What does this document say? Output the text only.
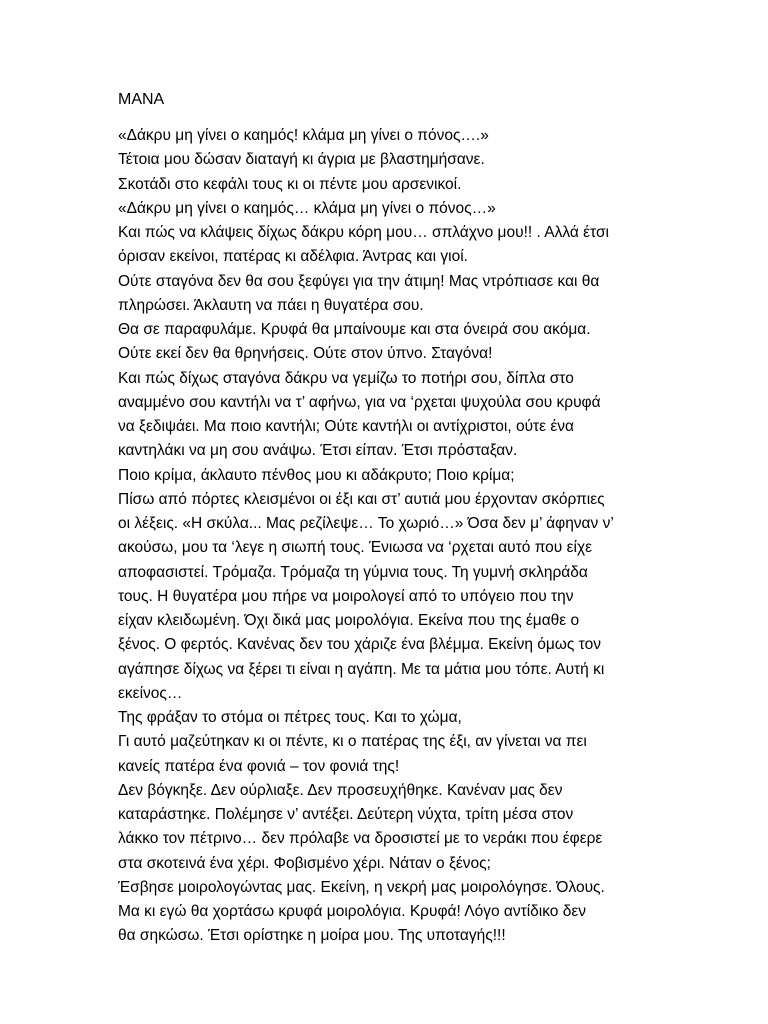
ΜΑΝΑ
«Δάκρυ μη γίνει ο καημός! κλάμα μη γίνει ο πόνος….»
Τέτοια μου δώσαν διαταγή κι άγρια με βλαστημήσανε.
Σκοτάδι στο κεφάλι τους κι οι πέντε μου αρσενικοί.
«Δάκρυ μη γίνει ο καημός… κλάμα μη γίνει ο πόνος…»
Και πώς να κλάψεις δίχως δάκρυ κόρη μου… σπλάχνο μου!! . Αλλά έτσι
όρισαν εκείνοι, πατέρας κι αδέλφια. Άντρας και γιοί.
Ούτε σταγόνα δεν θα σου ξεφύγει για την άτιμη! Μας ντρόπιασε και θα
πληρώσει. Άκλαυτη να πάει η θυγατέρα σου.
Θα σε παραφυλάμε. Κρυφά θα μπαίνουμε και στα όνειρά σου ακόμα.
Ούτε εκεί δεν θα θρηνήσεις. Ούτε στον ύπνο. Σταγόνα!
Και πώς δίχως σταγόνα δάκρυ να γεμίζω το ποτήρι σου, δίπλα στο
αναμμένο σου καντήλι να τ’ αφήνω, για να ‘ρχεται ψυχούλα σου κρυφά
να ξεδιψάει. Μα ποιο καντήλι; Ούτε καντήλι οι αντίχριστοι, ούτε ένα
καντηλάκι να μη σου ανάψω. Έτσι είπαν. Έτσι πρόσταξαν.
Ποιο κρίμα, άκλαυτο πένθος μου κι αδάκρυτο; Ποιο κρίμα;
Πίσω από πόρτες κλεισμένοι οι έξι και στ’ αυτιά μου έρχονταν σκόρπιες
οι λέξεις. «Η σκύλα... Μας ρεζίλεψε… Το χωριό…» Όσα δεν μ’ άφηναν ν’
ακούσω, μου τα ‘λεγε η σιωπή τους. Ένιωσα να ‘ρχεται αυτό που είχε
αποφασιστεί. Τρόμαζα. Τρόμαζα τη γύμνια τους. Τη γυμνή σκληράδα
τους. Η θυγατέρα μου πήρε να μοιρολογεί από το υπόγειο που την
είχαν κλειδωμένη. Όχι δικά μας μοιρολόγια. Εκείνα που της έμαθε ο
ξένος. Ο φερτός. Κανένας δεν του χάριζε ένα βλέμμα. Εκείνη όμως τον
αγάπησε δίχως να ξέρει τι είναι η αγάπη. Με τα μάτια μου τόπε. Αυτή κι
εκείνος…
Της φράξαν το στόμα οι πέτρες τους. Και το χώμα,
Γι αυτό μαζεύτηκαν κι οι πέντε, κι ο πατέρας της έξι, αν γίνεται να πει
κανείς πατέρα ένα φονιά – τον φονιά της!
Δεν βόγκηξε. Δεν ούρλιαξε. Δεν προσευχήθηκε. Κανέναν μας δεν
καταράστηκε. Πολέμησε ν’ αντέξει. Δεύτερη νύχτα, τρίτη μέσα στον
λάκκο τον πέτρινο… δεν πρόλαβε να δροσιστεί με το νεράκι που έφερε
στα σκοτεινά ένα χέρι. Φοβισμένο χέρι. Νάταν ο ξένος;
Έσβησε μοιρολογώντας μας. Εκείνη, η νεκρή μας μοιρολόγησε. Όλους.
Μα κι εγώ θα χορτάσω κρυφά μοιρολόγια. Κρυφά! Λόγο αντίδικο δεν
θα σηκώσω. Έτσι ορίστηκε η μοίρα μου. Της υποταγής!!!
